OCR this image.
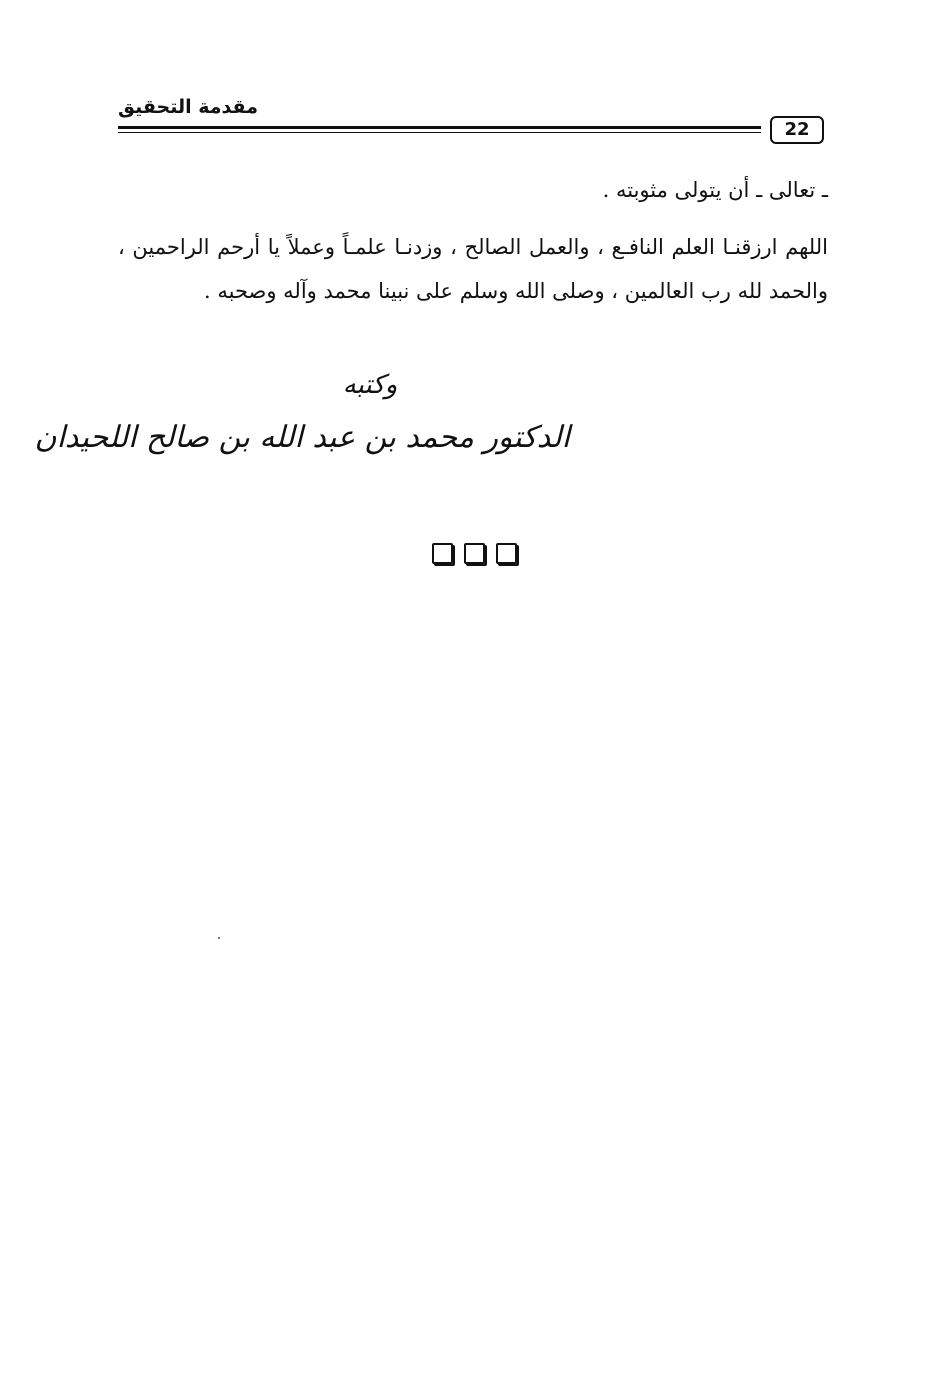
مقدمة التحقيق
22

ـ تعالى ـ أن يتولى مثوبته .

اللهم ارزقنـا العلم النافـع ، والعمل الصالح ، وزدنـا علمـاً وعملاً يا أرحم الراحمين ، والحمد لله رب العالمين ، وصلى الله وسلم على نبينا محمد وآله وصحبه .

وكتبه
الدكتور محمد بن عبد الله بن صالح اللحيدان
